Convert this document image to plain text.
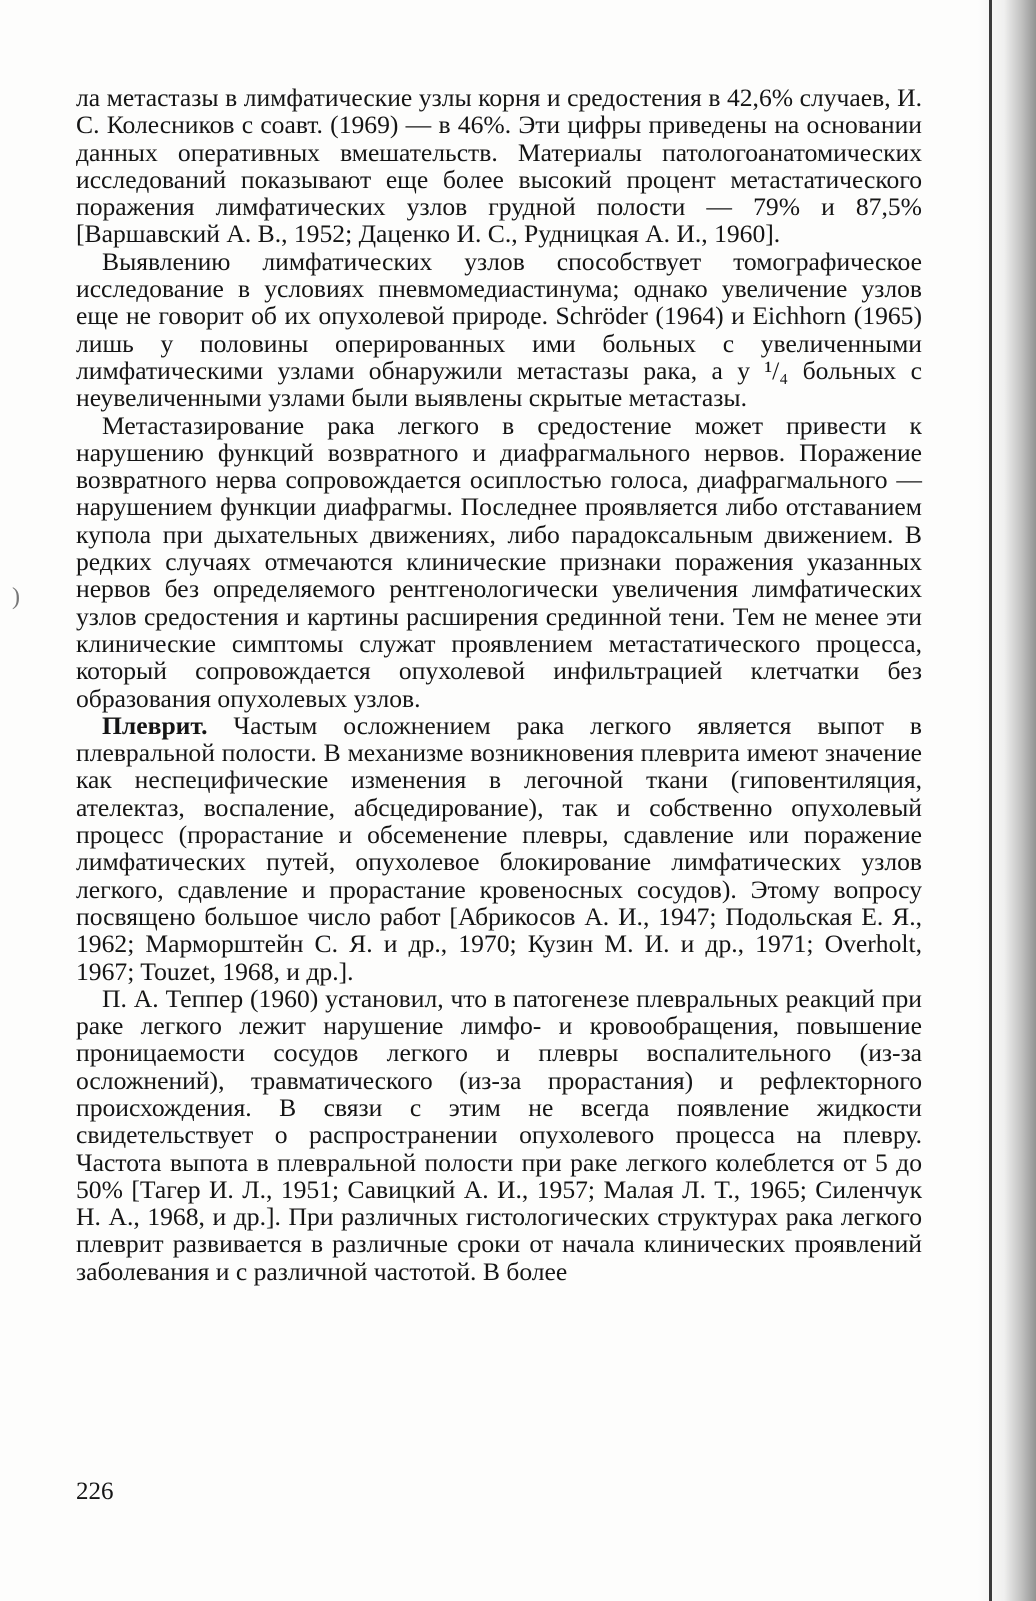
)

ла метастазы в лимфатические узлы корня и средостения в 42,6% случаев, И. С. Колесников с соавт. (1969) — в 46%. Эти цифры приведены на основании данных оперативных вмешательств. Материалы патологоанатомических исследований показывают еще более высокий процент метастатического поражения лимфатических узлов грудной полости — 79% и 87,5% [Варшавский А. В., 1952; Даценко И. С., Рудницкая А. И., 1960].

Выявлению лимфатических узлов способствует томографическое исследование в условиях пневмомедиастинума; однако увеличение узлов еще не говорит об их опухолевой природе. Schröder (1964) и Eichhorn (1965) лишь у половины оперированных ими больных с увеличенными лимфатическими узлами обнаружили метастазы рака, а у ¹/₄ больных с неувеличенными узлами были выявлены скрытые метастазы.

Метастазирование рака легкого в средостение может привести к нарушению функций возвратного и диафрагмального нервов. Поражение возвратного нерва сопровождается осиплостью голоса, диафрагмального — нарушением функции диафрагмы. Последнее проявляется либо отставанием купола при дыхательных движениях, либо парадоксальным движением. В редких случаях отмечаются клинические признаки поражения указанных нервов без определяемого рентгенологически увеличения лимфатических узлов средостения и картины расширения срединной тени. Тем не менее эти клинические симптомы служат проявлением метастатического процесса, который сопровождается опухолевой инфильтрацией клетчатки без образования опухолевых узлов.

Плеврит. Частым осложнением рака легкого является выпот в плевральной полости. В механизме возникновения плеврита имеют значение как неспецифические изменения в легочной ткани (гиповентиляция, ателектаз, воспаление, абсцедирование), так и собственно опухолевый процесс (прорастание и обсеменение плевры, сдавление или поражение лимфатических путей, опухолевое блокирование лимфатических узлов легкого, сдавление и прорастание кровеносных сосудов). Этому вопросу посвящено большое число работ [Абрикосов А. И., 1947; Подольская Е. Я., 1962; Марморштейн С. Я. и др., 1970; Кузин М. И. и др., 1971; Overholt, 1967; Touzet, 1968, и др.].

П. А. Теппер (1960) установил, что в патогенезе плевральных реакций при раке легкого лежит нарушение лимфо- и кровообращения, повышение проницаемости сосудов легкого и плевры воспалительного (из-за осложнений), травматического (из-за прорастания) и рефлекторного происхождения. В связи с этим не всегда появление жидкости свидетельствует о распространении опухолевого процесса на плевру. Частота выпота в плевральной полости при раке легкого колеблется от 5 до 50% [Тагер И. Л., 1951; Савицкий А. И., 1957; Малая Л. Т., 1965; Силенчук Н. А., 1968, и др.]. При различных гистологических структурах рака легкого плеврит развивается в различные сроки от начала клинических проявлений заболевания и с различной частотой. В более

226
